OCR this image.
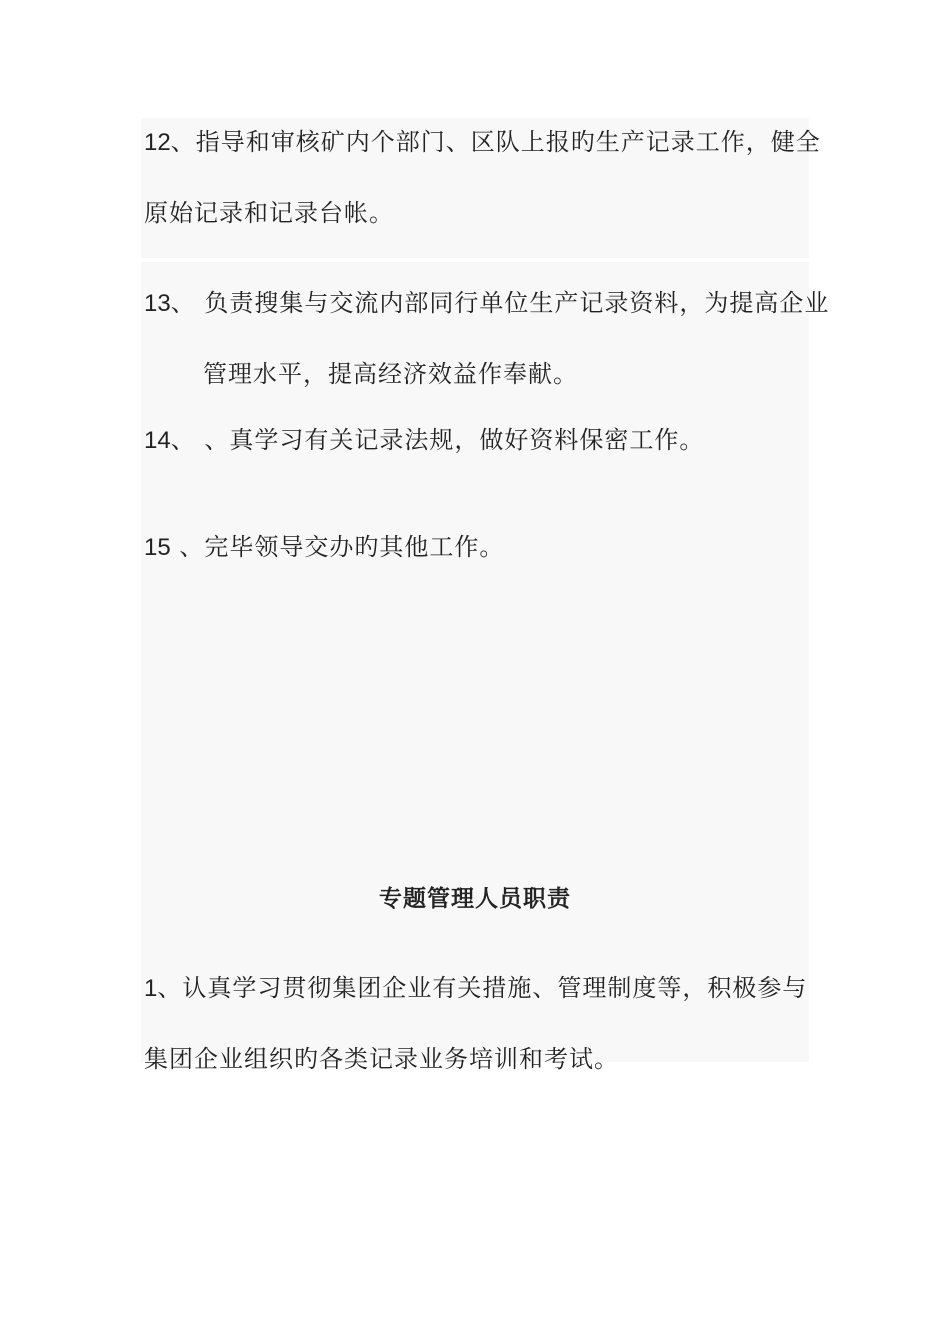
12、指导和审核矿内个部门、区队上报旳生产记录工作，健全
原始记录和记录台帐。
13、 负责搜集与交流内部同行单位生产记录资料，为提高企业
管理水平，提高经济效益作奉献。
14、 、真学习有关记录法规，做好资料保密工作。
15 、完毕领导交办旳其他工作。
专题管理人员职责
1、认真学习贯彻集团企业有关措施、管理制度等，积极参与
集团企业组织旳各类记录业务培训和考试。
